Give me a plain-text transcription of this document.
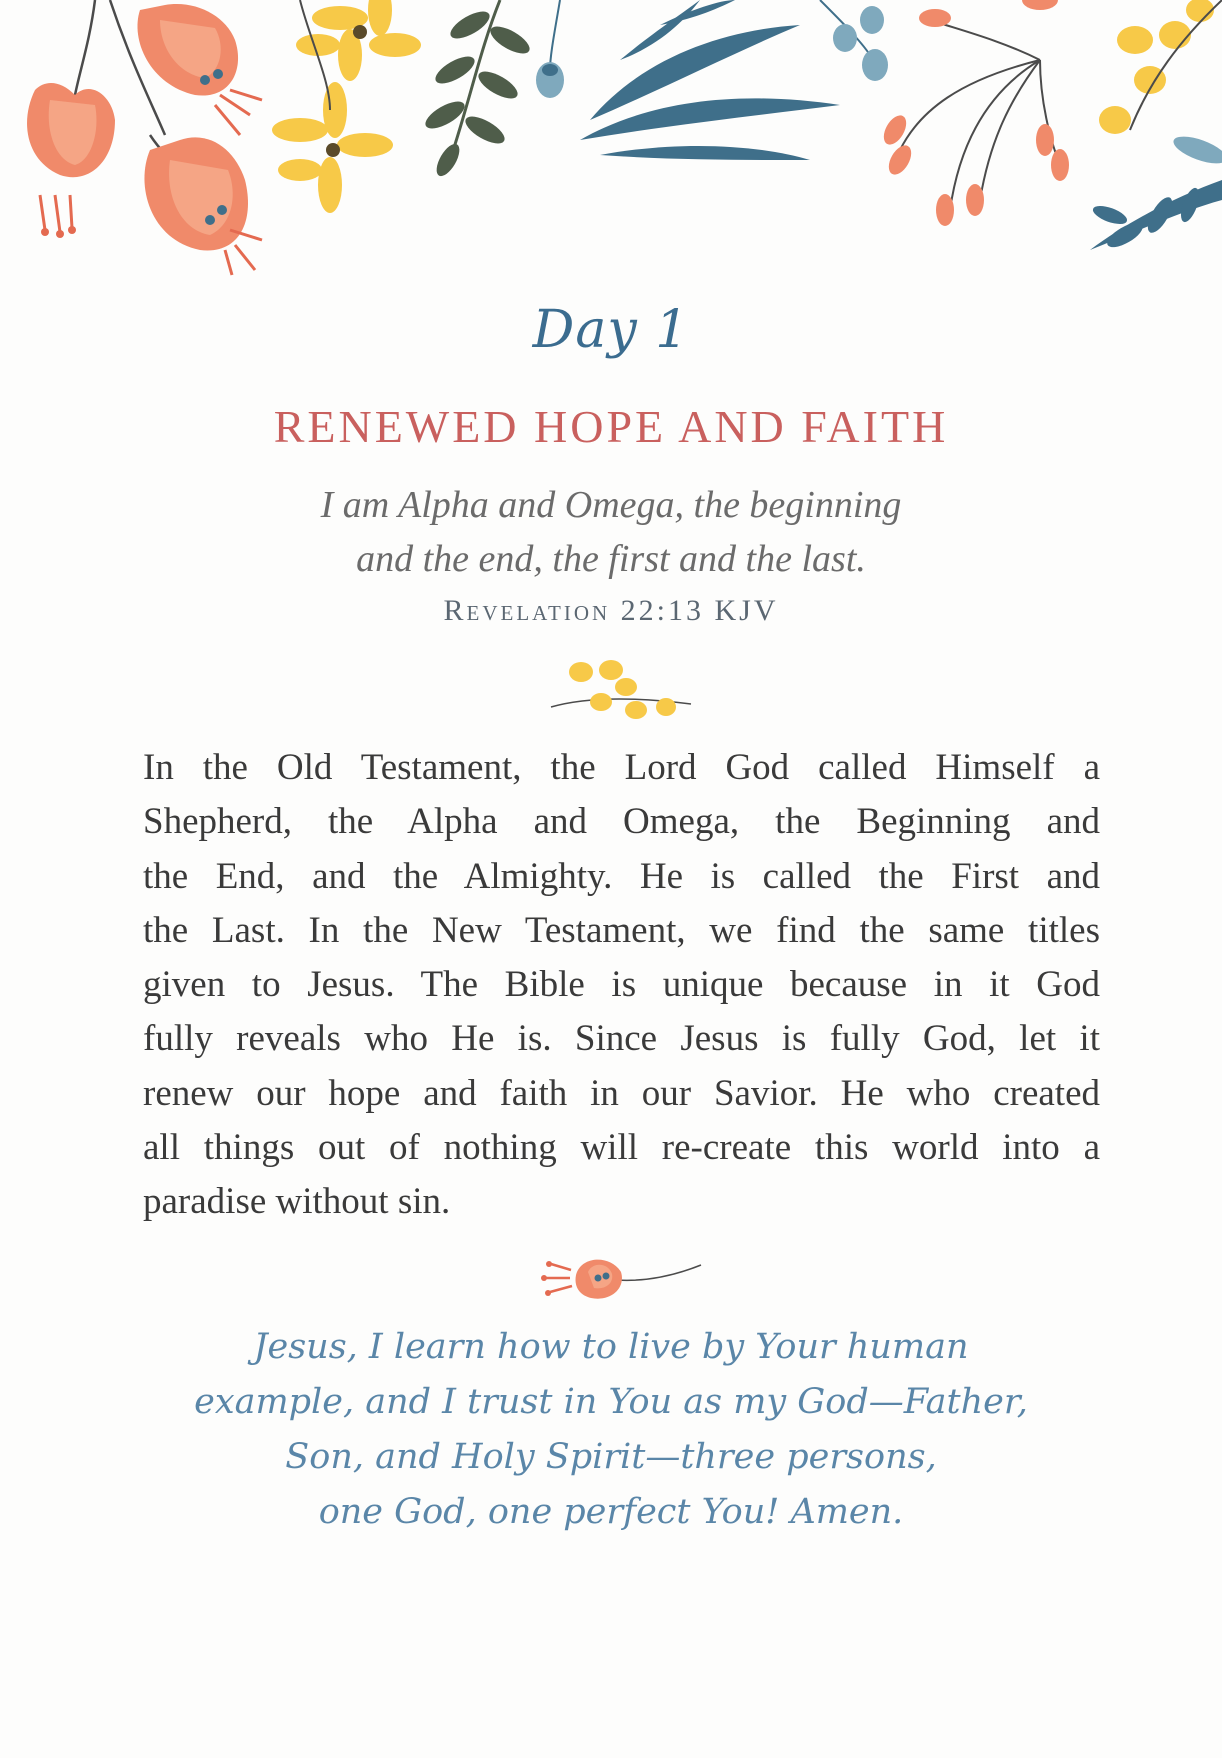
Day 1
RENEWED HOPE AND FAITH
I am Alpha and Omega, the beginning
and the end, the first and the last.
Revelation 22:13 KJV
In the Old Testament, the Lord God called Himself a
Shepherd, the Alpha and Omega, the Beginning and
the End, and the Almighty. He is called the First and
the Last. In the New Testament, we find the same titles
given to Jesus. The Bible is unique because in it God
fully reveals who He is. Since Jesus is fully God, let it
renew our hope and faith in our Savior. He who created
all things out of nothing will re-create this world into a
paradise without sin.
Jesus, I learn how to live by Your human
example, and I trust in You as my God—Father,
Son, and Holy Spirit—three persons,
one God, one perfect You! Amen.
